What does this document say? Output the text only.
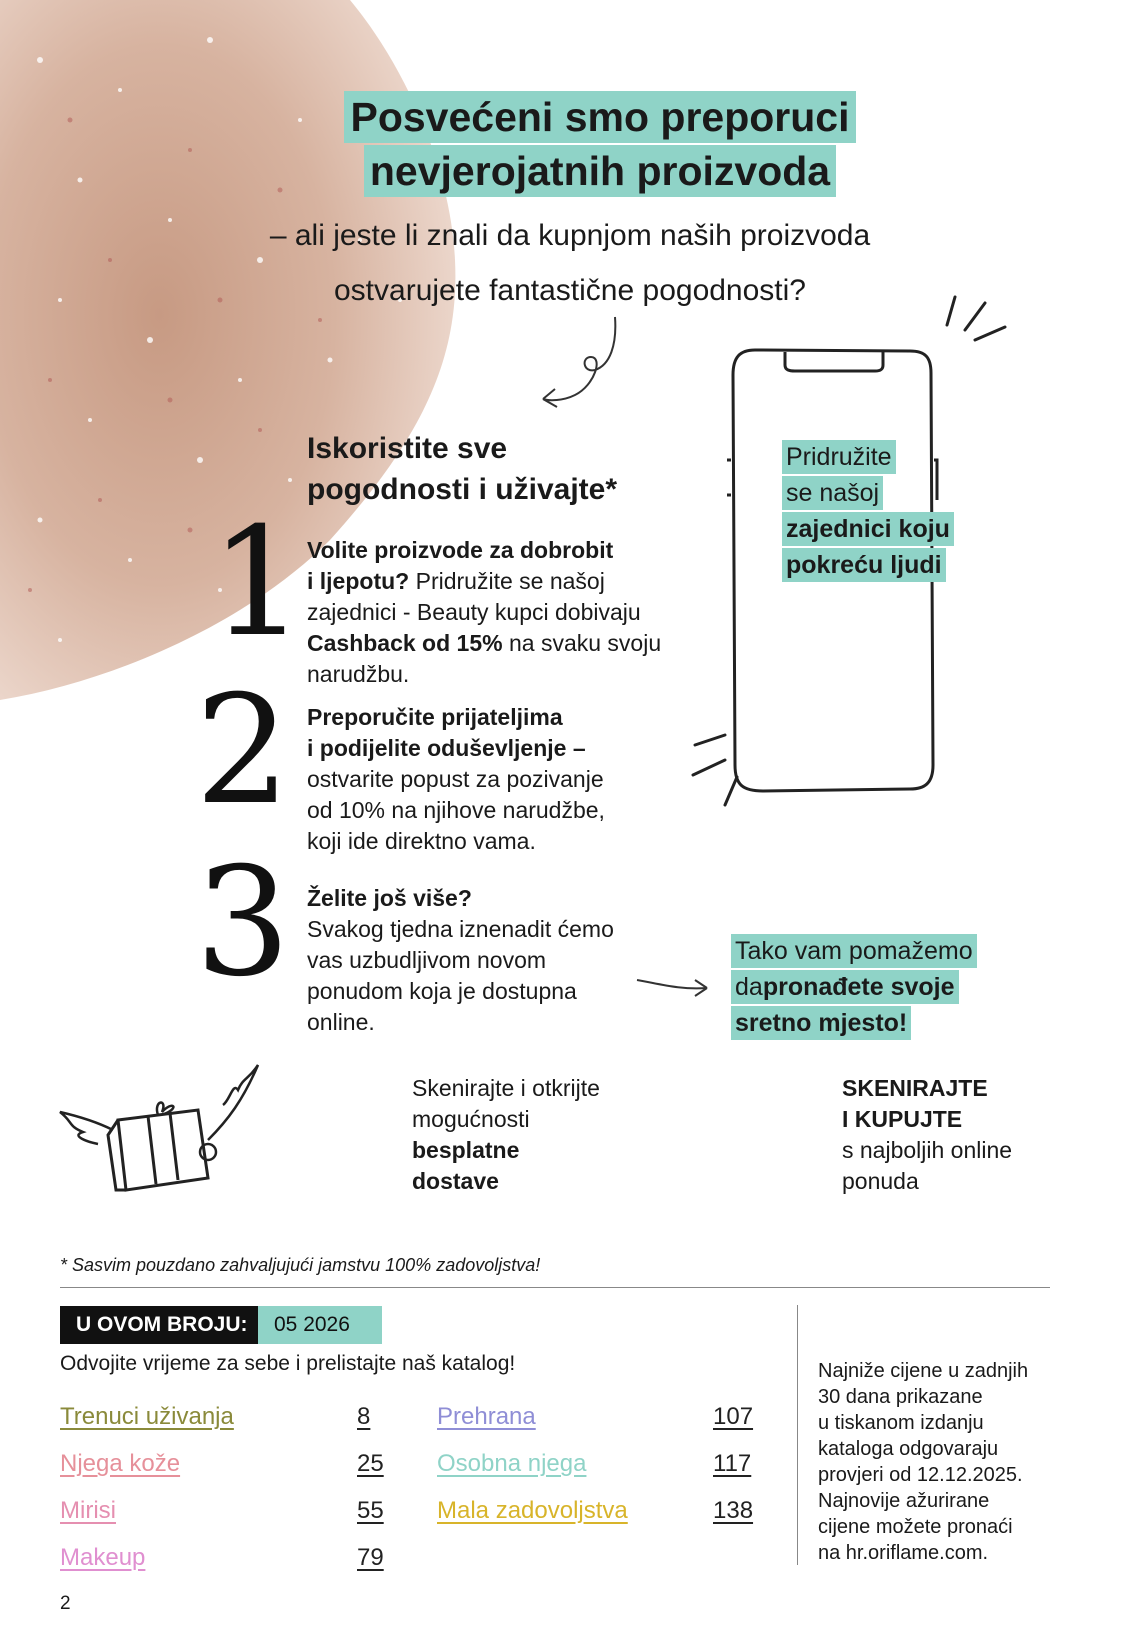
Posvećeni smo preporuci
nevjerojatnih proizvoda
– ali jeste li znali da kupnjom naših proizvoda
ostvarujete fantastične pogodnosti?
Iskoristite sve
pogodnosti i uživajte*
1
2
3
Volite proizvode za dobrobit
i ljepotu? Pridružite se našoj
zajednici - Beauty kupci dobivaju
Cashback od 15% na svaku svoju
narudžbu.
Preporučite prijateljima
i podijelite oduševljenje –
ostvarite popust za pozivanje
od 10% na njihove narudžbe,
koji ide direktno vama.
Želite još više?
Svakog tjedna iznenadit ćemo
vas uzbudljivom novom
ponudom koja je dostupna
online.
Pridružite
se našoj
zajednici koju
pokreću ljudi
Tako vam pomažemo
dapronađete svoje
sretno mjesto!
Skenirajte i otkrijte
mogućnosti
besplatne
dostave
SKENIRAJTE
I KUPUJTE
s najboljih online
ponuda
* Sasvim pouzdano zahvaljujući jamstvu 100% zadovoljstva!
U OVOM BROJU:	05 2026
Odvojite vrijeme za sebe i prelistajte naš katalog!
Trenuci uživanja	8
Njega kože	25
Mirisi	55
Makeup	79
Prehrana	107
Osobna njega	117
Mala zadovoljstva	138
Najniže cijene u zadnjih
30 dana prikazane
u tiskanom izdanju
kataloga odgovaraju
provjeri od 12.12.2025.
Najnovije ažurirane
cijene možete pronaći
na hr.oriflame.com.
2
